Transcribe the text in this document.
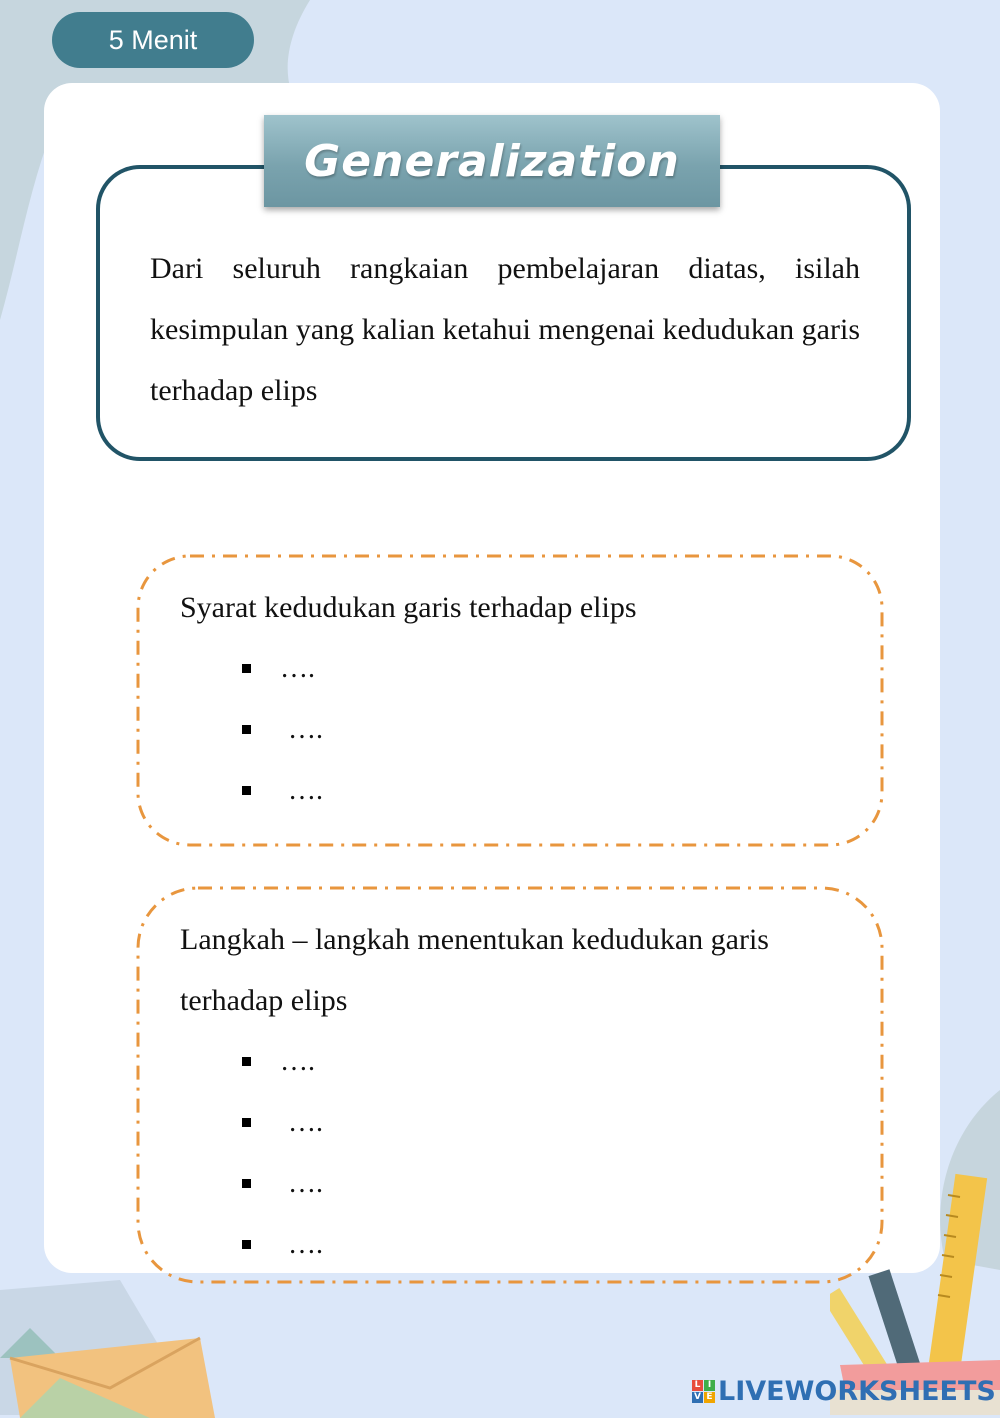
5 Menit
Generalization
Dari seluruh rangkaian pembelajaran diatas, isilah kesimpulan yang kalian ketahui mengenai kedudukan garis terhadap elips
Syarat kedudukan garis terhadap elips
….
….
….
Langkah – langkah menentukan kedudukan garis terhadap elips
….
….
….
….
L I
V E LIVEWORKSHEETS
